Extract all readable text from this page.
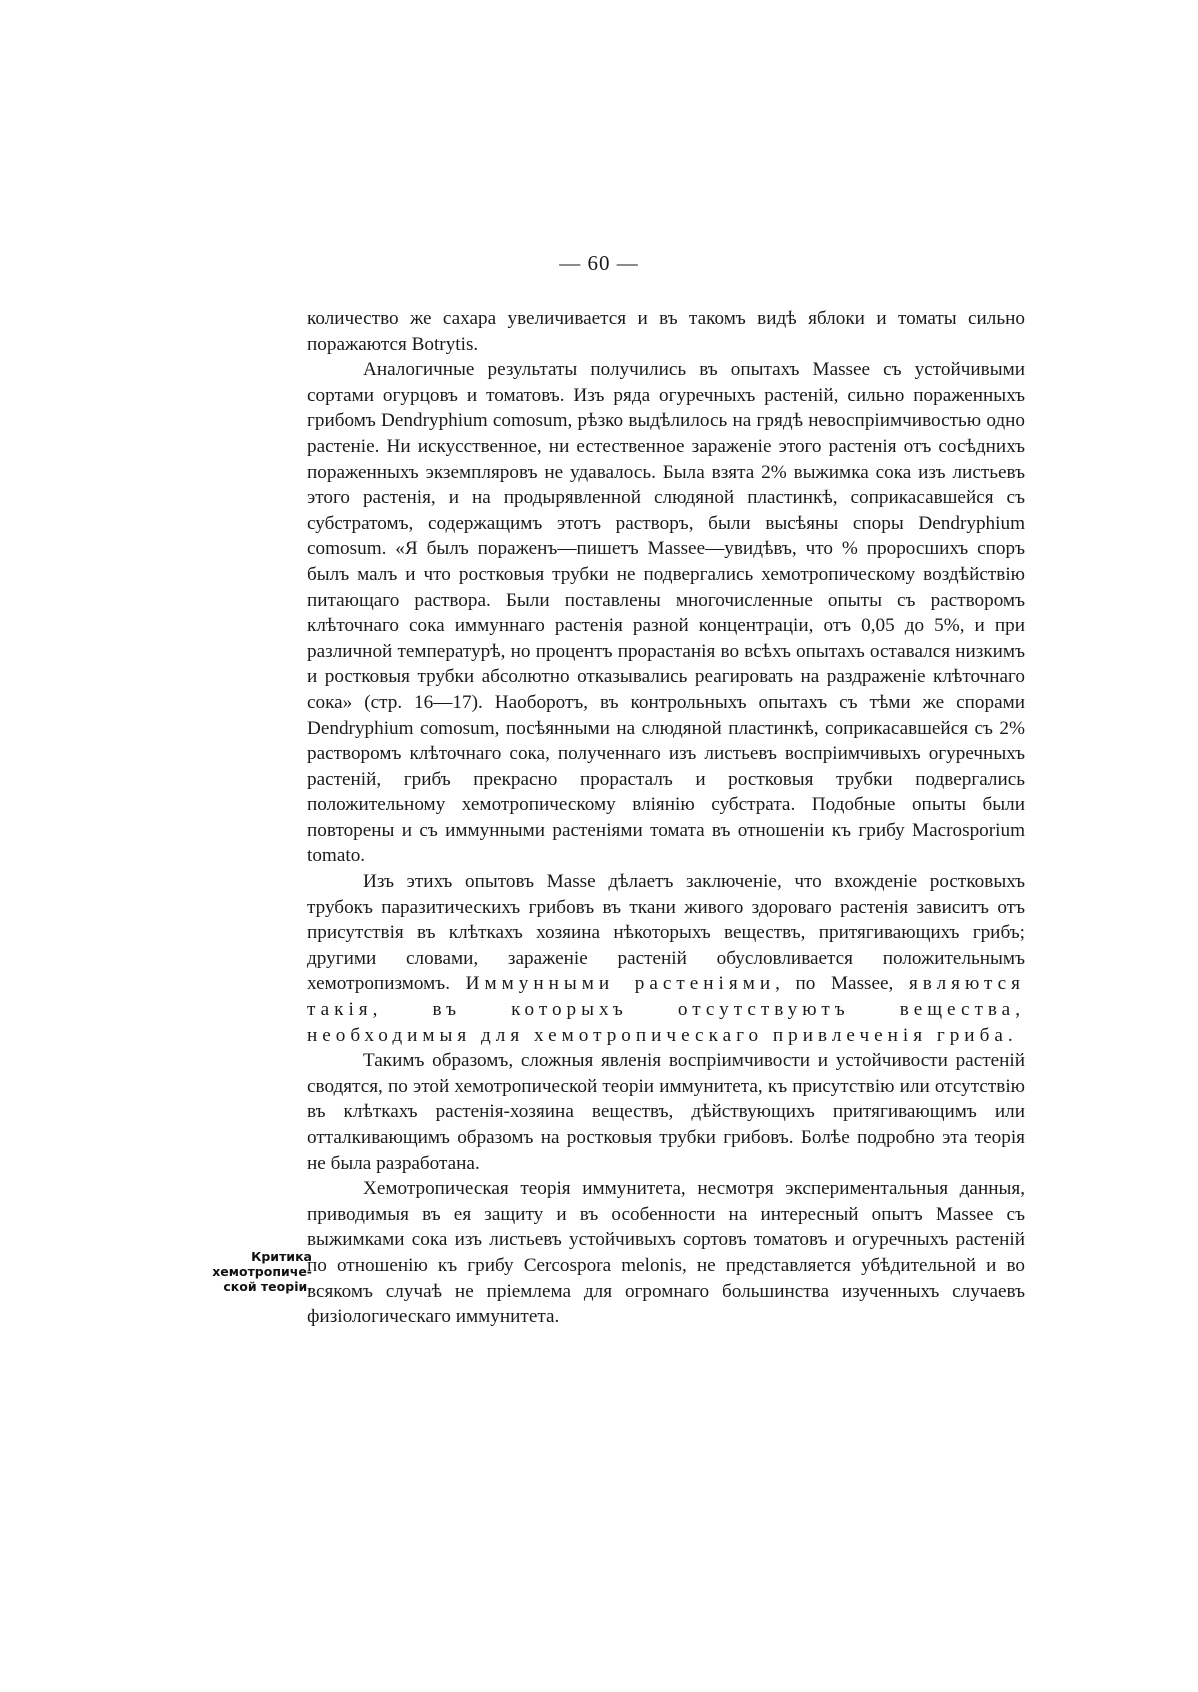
— 60 —

количество же сахара увеличивается и въ такомъ видѣ яблоки и томаты сильно поражаются Botrytis.

Аналогичные результаты получились въ опытахъ Massee съ устойчивыми сортами огурцовъ и томатовъ. Изъ ряда огуречныхъ растеній, сильно пораженныхъ грибомъ Dendryphium comosum, рѣзко выдѣлилось на грядѣ невоспріимчивостью одно растеніе. Ни искусственное, ни естественное зараженіе этого растенія отъ сосѣднихъ пораженныхъ экземпляровъ не удавалось. Была взята 2% выжимка сока изъ листьевъ этого растенія, и на продырявленной слюдяной пластинкѣ, соприкасавшейся съ субстратомъ, содержащимъ этотъ растворъ, были высѣяны споры Dendryphium comosum. «Я былъ пораженъ—пишетъ Massee—увидѣвъ, что % проросшихъ споръ былъ малъ и что ростковыя трубки не подвергались хемотропическому воздѣйствію питающаго раствора. Были поставлены многочисленные опыты съ растворомъ клѣточнаго сока иммуннаго растенія разной концентраціи, отъ 0,05 до 5%, и при различной температурѣ, но процентъ прорастанія во всѣхъ опытахъ оставался низкимъ и ростковыя трубки абсолютно отказывались реагировать на раздраженіе клѣточнаго сока» (стр. 16—17). Наоборотъ, въ контрольныхъ опытахъ съ тѣми же спорами Dendryphium comosum, посѣянными на слюдяной пластинкѣ, соприкасавшейся съ 2% растворомъ клѣточнаго сока, полученнаго изъ листьевъ воспріимчивыхъ огуречныхъ растеній, грибъ прекрасно прорасталъ и ростковыя трубки подвергались положительному хемотропическому вліянію субстрата. Подобные опыты были повторены и съ иммунными растеніями томата въ отношеніи къ грибу Macrosporium tomato.

Изъ этихъ опытовъ Masse дѣлаетъ заключеніе, что вхожденіе ростковыхъ трубокъ паразитическихъ грибовъ въ ткани живого здороваго растенія зависитъ отъ присутствія въ клѣткахъ хозяина нѣкоторыхъ веществъ, притягивающихъ грибъ; другими словами, зараженіе растеній обусловливается положительнымъ хемотропизмомъ. Иммунными растеніями, по Massee, являются такія, въ которыхъ отсутствуютъ вещества, необходимыя для хемотропическаго привлеченія гриба.

Такимъ образомъ, сложныя явленія воспріимчивости и устойчивости растеній сводятся, по этой хемотропической теоріи иммунитета, къ присутствію или отсутствію въ клѣткахъ растенія-хозяина веществъ, дѣйствующихъ притягивающимъ или отталкивающимъ образомъ на ростковыя трубки грибовъ. Болѣе подробно эта теорія не была разработана.

Хемотропическая теорія иммунитета, несмотря экспериментальныя данныя, приводимыя въ ея защиту и въ особенности на интересный опытъ Massee съ выжимками сока изъ листьевъ устойчивыхъ сортовъ томатовъ и огуречныхъ растеній по отношенію къ грибу Cercospora melonis, не представляется убѣдительной и во всякомъ случаѣ не пріемлема для огромнаго большинства изученныхъ случаевъ физіологическаго иммунитета.

Критика
хемотропиче-
ской теоріи.
